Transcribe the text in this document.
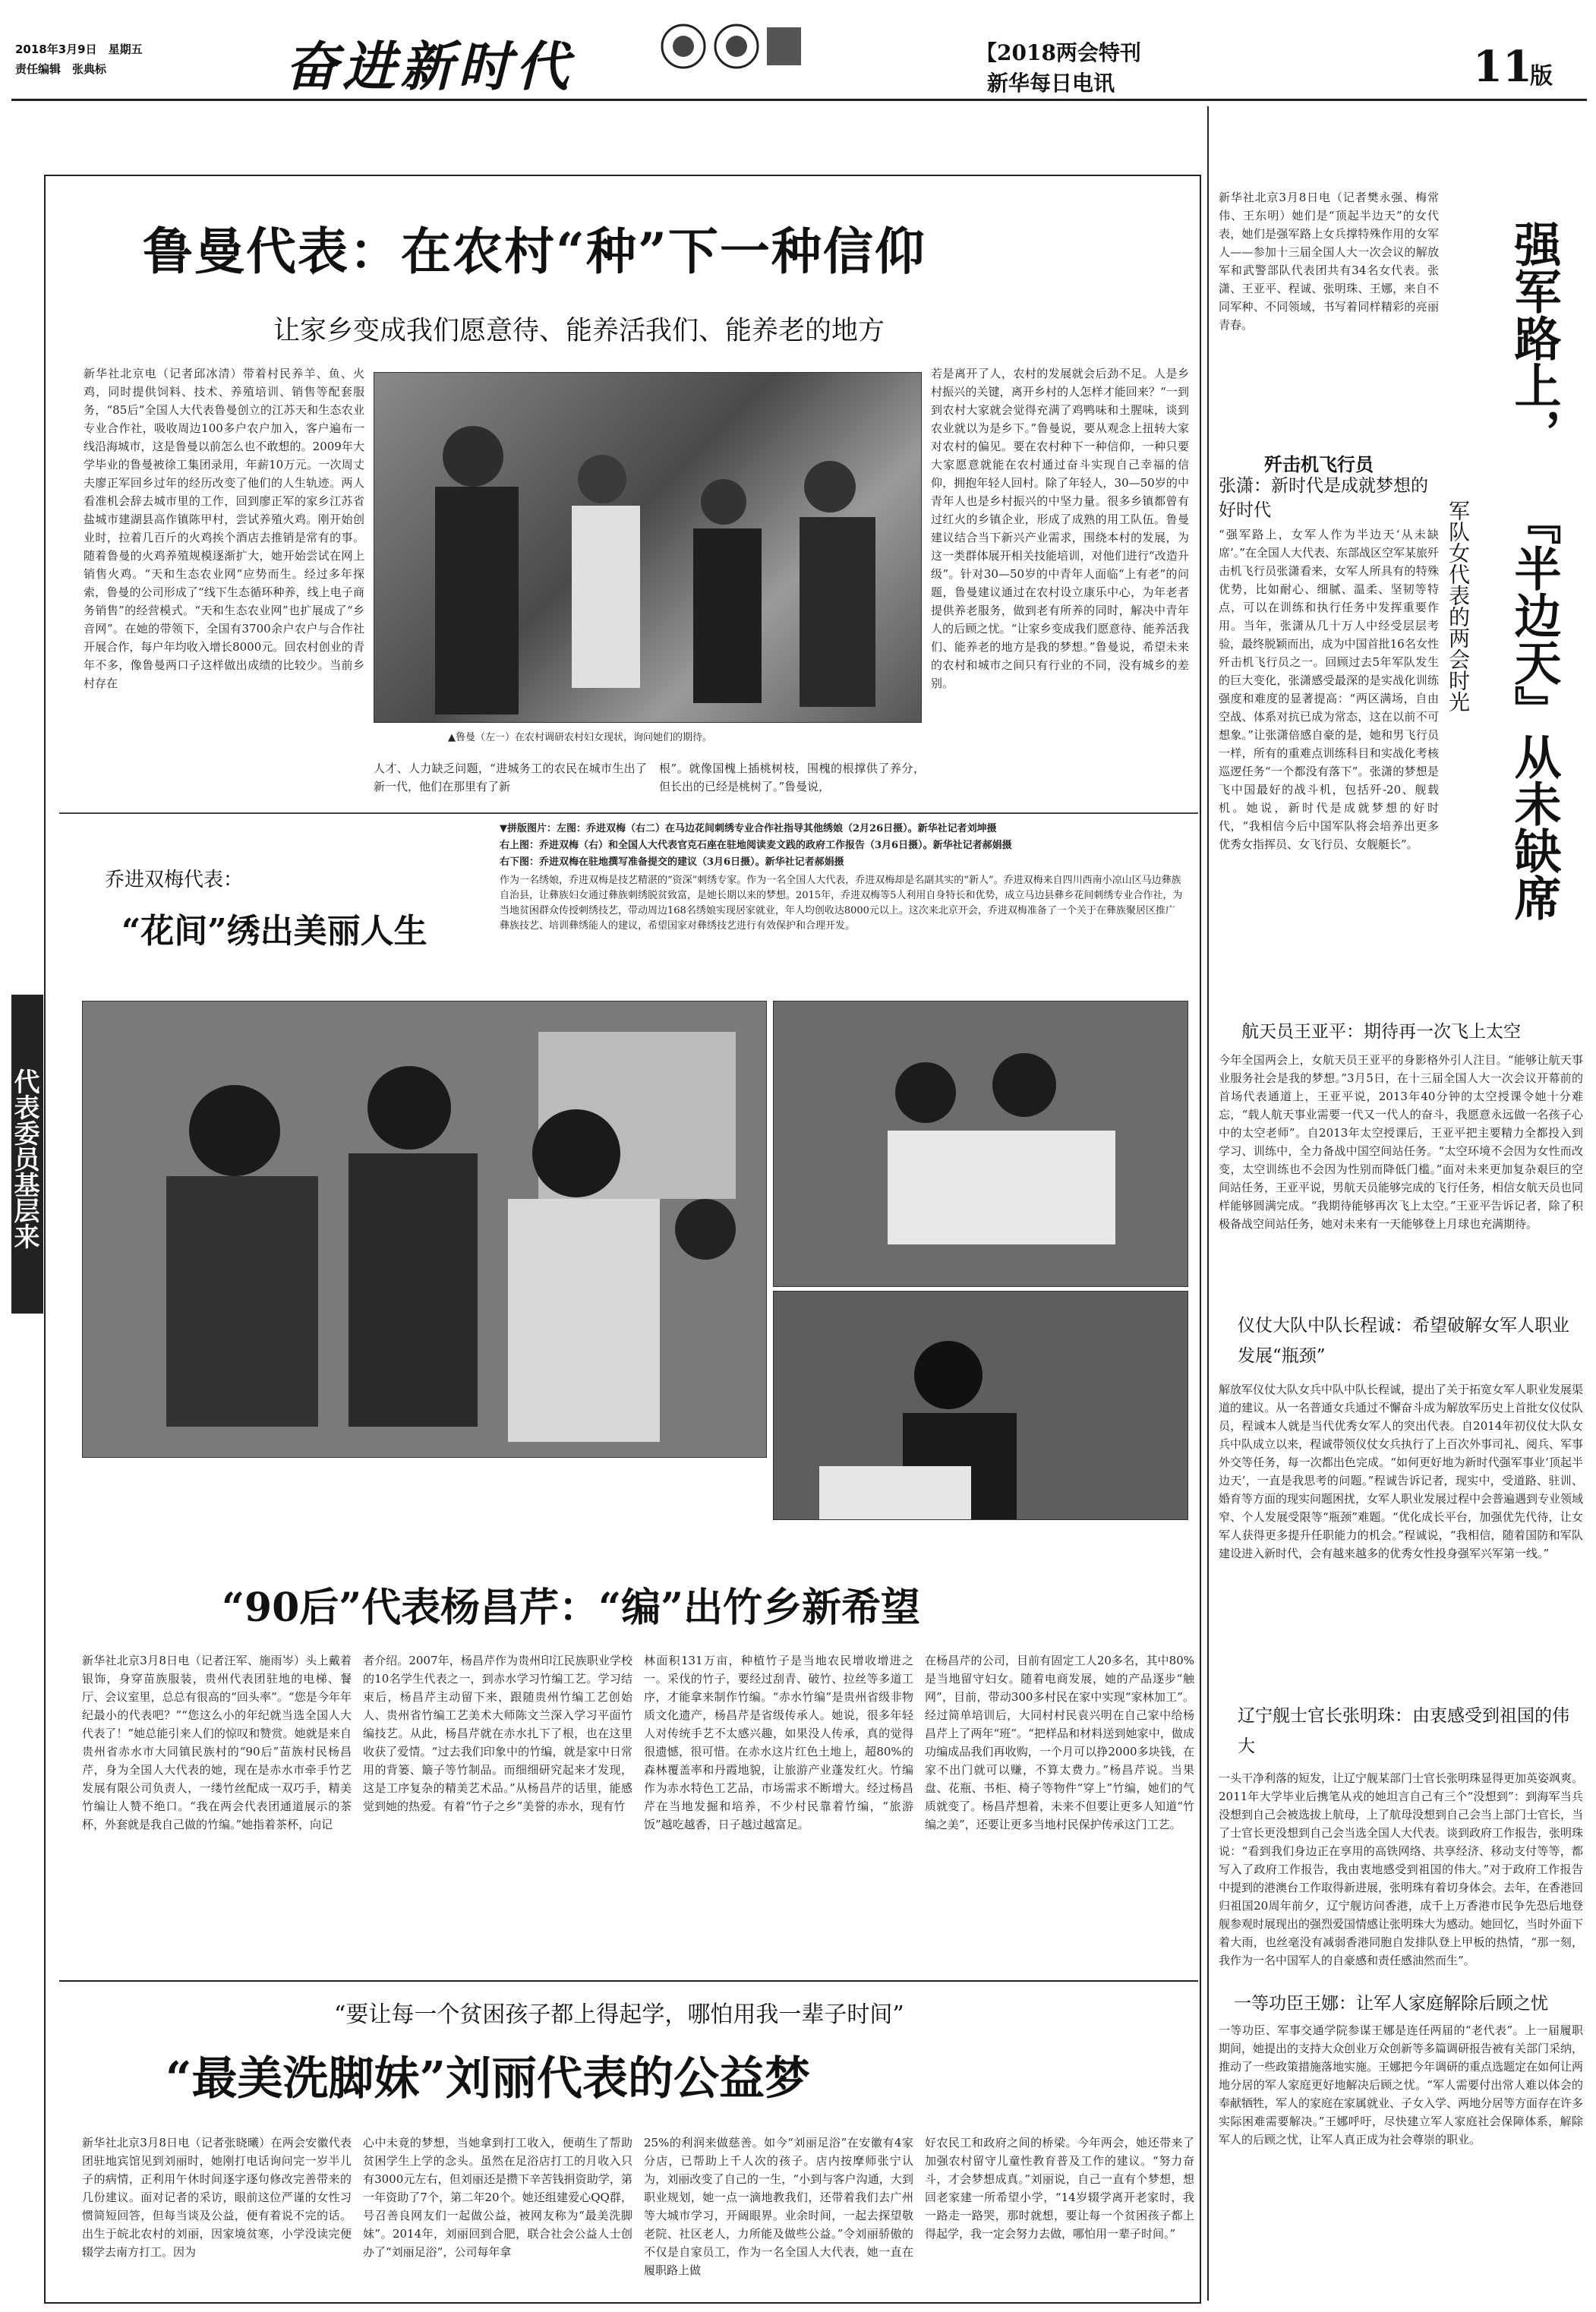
2018年3月9日　星期五
责任编辑　张典标	奋进新时代	【2018两会特刊
新华每日电讯	11
版
代表委员基层来
鲁曼代表：在农村“种”下一种信仰
让家乡变成我们愿意待、能养活我们、能养老的地方
新华社北京电（记者邱冰清）带着村民养羊、鱼、火鸡，同时提供饲料、技术、养殖培训、销售等配套服务，“85后”全国人大代表鲁曼创立的江苏天和生态农业专业合作社，吸收周边100多户农户加入，客户遍布一线沿海城市，这是鲁曼以前怎么也不敢想的。2009年大学毕业的鲁曼被徐工集团录用，年薪10万元。一次周丈夫廖正军回乡过年的经历改变了他们的人生轨迹。两人看准机会辞去城市里的工作，回到廖正军的家乡江苏省盐城市建湖县高作镇陈甲村，尝试养殖火鸡。刚开始创业时，拉着几百斤的火鸡挨个酒店去推销是常有的事。随着鲁曼的火鸡养殖规模逐渐扩大，她开始尝试在网上销售火鸡。“天和生态农业网”应势而生。经过多年探索，鲁曼的公司形成了“线下生态循环种养，线上电子商务销售”的经营模式。“天和生态农业网”也扩展成了“乡音网”。在她的带领下，全国有3700余户农户与合作社开展合作，每户年均收入增长8000元。回农村创业的青年不多，像鲁曼两口子这样做出成绩的比较少。当前乡村存在
▲鲁曼（左一）在农村调研农村妇女现状，询问她们的期待。
人才、人力缺乏问题，“进城务工的农民在城市生出了新一代，他们在那里有了新
根”。就像国槐上插桃树枝，围槐的根撑供了养分，但长出的已经是桃树了。”鲁曼说，
若是离开了人，农村的发展就会后劲不足。人是乡村振兴的关键，离开乡村的人怎样才能回来？“一到到农村大家就会觉得充满了鸡鸭味和土腥味，谈到农业就以为是乡下。”鲁曼说，要从观念上扭转大家对农村的偏见。要在农村种下一种信仰，一种只要大家愿意就能在农村通过奋斗实现自己幸福的信仰，拥抱年轻人回村。除了年轻人，30—50岁的中青年人也是乡村振兴的中坚力量。很多乡镇都曾有过红火的乡镇企业，形成了成熟的用工队伍。鲁曼建议结合当下新兴产业需求，围绕本村的发展，为这一类群体展开相关技能培训，对他们进行“改造升级”。针对30—50岁的中青年人面临“上有老”的问题，鲁曼建议通过在农村设立康乐中心，为年老者提供养老服务，做到老有所养的同时，解决中青年人的后顾之忧。“让家乡变成我们愿意待、能养活我们、能养老的地方是我的梦想。”鲁曼说，希望未来的农村和城市之间只有行业的不同，没有城乡的差别。
乔进双梅代表：
“花间”绣出美丽人生
▼拼版图片：左图：乔进双梅（右二）在马边花间刺绣专业合作社指导其他绣娘（2月26日摄）。新华社记者刘坤摄
右上图：乔进双梅（右）和全国人大代表官克石座在驻地阅读麦文践的政府工作报告（3月6日摄）。新华社记者郝娟摄
右下图：乔进双梅在驻地撰写准备提交的建议（3月6日摄）。新华社记者郝娟摄
作为一名绣娘，乔进双梅是技艺精湛的“资深”刺绣专家。作为一名全国人大代表，乔进双梅却是名副其实的“新人”。乔进双梅来自四川西南小凉山区马边彝族自治县，让彝族妇女通过彝族刺绣脱贫致富，是她长期以来的梦想。2015年，乔进双梅等5人利用自身特长和优势，成立马边县彝乡花间刺绣专业合作社，为当地贫困群众传授刺绣技艺，带动周边168名绣娘实现居家就业，年人均创收达8000元以上。这次来北京开会，乔进双梅准备了一个关于在彝族聚居区推广彝族技艺、培训彝绣能人的建议，希望国家对彝绣技艺进行有效保护和合理开发。
“90后”代表杨昌芹：“编”出竹乡新希望
新华社北京3月8日电（记者汪军、施雨岑）头上戴着银饰，身穿苗族服装，贵州代表团驻地的电梯、餐厅、会议室里，总总有很高的“回头率”。“您是今年年纪最小的代表吧？”“您这么小的年纪就当选全国人大代表了！”她总能引来人们的惊叹和赞赏。她就是来自贵州省赤水市大同镇民族村的“90后”苗族村民杨昌芹，身为全国人大代表的她，现在是赤水市牵手竹艺发展有限公司负责人，一缕竹丝配成一双巧手，精美竹编让人赞不绝口。“我在两会代表团通道展示的茶杯，外套就是我自己做的竹编。”她指着茶杯，向记
者介绍。2007年，杨昌芹作为贵州印江民族职业学校的10名学生代表之一，到赤水学习竹编工艺。学习结束后，杨昌芹主动留下来，跟随贵州竹编工艺创始人、贵州省竹编工艺美术大师陈文兰深入学习平面竹编技艺。从此，杨昌芹就在赤水扎下了根，也在这里收获了爱情。“过去我们印象中的竹编，就是家中日常用的背篓、簸子等竹制品。而细细研究起来才发现，这是工序复杂的精美艺术品。”从杨昌芹的话里，能感觉到她的热爱。有着“竹子之乡”美誉的赤水，现有竹
林面积131万亩，种植竹子是当地农民增收增进之一。采伐的竹子，要经过刮青、破竹、拉丝等多道工序，才能拿来制作竹编。“赤水竹编”是贵州省级非物质文化遗产，杨昌芹是省级传承人。她说，很多年轻人对传统手艺不太感兴趣，如果没人传承，真的觉得很遗憾，很可惜。在赤水这片红色土地上，超80%的森林覆盖率和丹霞地貌，让旅游产业蓬发红火。竹编作为赤水特色工艺品，市场需求不断增大。经过杨昌芹在当地发掘和培养，不少村民靠着竹编，“旅游饭”越吃越香，日子越过越富足。
在杨昌芹的公司，目前有固定工人20多名，其中80%是当地留守妇女。随着电商发展，她的产品逐步“触网”，目前，带动300多村民在家中实现“家林加工”。经过简单培训后，大同村村民袁兴明在自己家中给杨昌芹上了两年“班”。“把样品和材料送到她家中，做成功编成品我们再收购，一个月可以挣2000多块钱，在家不出门就可以赚，不算太费力。”杨昌芹说。当果盘、花瓶、书柜、椅子等物件“穿上”竹编，她们的气质就变了。杨昌芹想着，未来不但要让更多人知道“竹编之美”，还要让更多当地村民保护传承这门工艺。
“要让每一个贫困孩子都上得起学，哪怕用我一辈子时间”
“最美洗脚妹”刘丽代表的公益梦
新华社北京3月8日电（记者张晓曦）在两会安徽代表团驻地宾馆见到刘丽时，她刚打电话询问完一岁半儿子的病情，正利用午休时间逐字逐句修改完善带来的几份建议。面对记者的采访，眼前这位严谨的女性习惯简短回答，但每当谈及公益，便有着说不完的话。出生于皖北农村的刘丽，因家境贫寒，小学没读完便辍学去南方打工。因为
心中未竟的梦想，当她拿到打工收入，便萌生了帮助贫困学生上学的念头。虽然在足浴店打工的月收入只有3000元左右，但刘丽还是攒下辛苦钱捐资助学，第一年资助了7个，第二年20个。她还组建爱心QQ群，号召善良网友们一起做公益，被网友称为“最美洗脚妹”。2014年，刘丽回到合肥，联合社会公益人士创办了“刘丽足浴”，公司每年拿
25%的利润来做慈善。如今“刘丽足浴”在安徽有4家分店，已帮助上千人次的孩子。店内按摩师张宁认为，刘丽改变了自己的一生，“小到与客户沟通，大到职业规划，她一点一滴地教我们，还带着我们去广州等大城市学习，开阔眼界。业余时间，一起去探望敬老院、社区老人，力所能及做些公益。”令刘丽骄傲的不仅是自家员工，作为一名全国人大代表，她一直在履职路上做
好农民工和政府之间的桥梁。今年两会，她还带来了加强农村留守儿童性教育普及工作的建议。“努力奋斗，才会梦想成真。”刘丽说，自己一直有个梦想，想回老家建一所希望小学，“14岁辍学离开老家时，我一路走一路哭，那时就想，要让每一个贫困孩子都上得起学，我一定会努力去做，哪怕用一辈子时间。”
新华社北京3月8日电（记者樊永强、梅常伟、王东明）她们是“顶起半边天”的女代表，她们是强军路上女兵撑特殊作用的女军人——参加十三届全国人大一次会议的解放军和武警部队代表团共有34名女代表。张潇、王亚平、程诚、张明珠、王娜，来自不同军种、不同领域，书写着同样精彩的亮丽青春。	强军路上，
『半边天』从未缺席
军队女代表的两会时光
歼击机飞行员
张潇：新时代是成就梦想的好时代
“强军路上，女军人作为半边天‘从未缺席’。”在全国人大代表、东部战区空军某旅歼击机飞行员张潇看来，女军人所具有的特殊优势，比如耐心、细腻、温柔、坚韧等特点，可以在训练和执行任务中发挥重要作用。当年，张潇从几十万人中经受层层考验，最终脱颖而出，成为中国首批16名女性歼击机飞行员之一。回顾过去5年军队发生的巨大变化，张潇感受最深的是实战化训练强度和难度的显著提高：“两区满场，自由空战、体系对抗已成为常态，这在以前不可想象。”让张潇倍感自豪的是，她和男飞行员一样，所有的重难点训练科目和实战化考核巡逻任务“一个都没有落下”。张潇的梦想是飞中国最好的战斗机，包括歼-20、舰载机。她说，新时代是成就梦想的好时代，“我相信今后中国军队将会培养出更多优秀女指挥员、女飞行员、女舰艇长”。
航天员王亚平：期待再一次飞上太空
今年全国两会上，女航天员王亚平的身影格外引人注目。“能够让航天事业服务社会是我的梦想。”3月5日，在十三届全国人大一次会议开幕前的首场代表通道上，王亚平说，2013年40分钟的太空授课令她十分难忘，“载人航天事业需要一代又一代人的奋斗，我愿意永远做一名孩子心中的太空老师”。自2013年太空授课后，王亚平把主要精力全都投入到学习、训练中，全力备战中国空间站任务。“太空环境不会因为女性而改变，太空训练也不会因为性别而降低门槛。”面对未来更加复杂艰巨的空间站任务，王亚平说，男航天员能够完成的飞行任务，相信女航天员也同样能够圆满完成。“我期待能够再次飞上太空。”王亚平告诉记者，除了积极备战空间站任务，她对未来有一天能够登上月球也充满期待。
仪仗大队中队长程诚：希望破解女军人职业发展“瓶颈”
解放军仪仗大队女兵中队中队长程诚，提出了关于拓宽女军人职业发展渠道的建议。从一名普通女兵通过不懈奋斗成为解放军历史上首批女仪仗队员，程诚本人就是当代优秀女军人的突出代表。自2014年初仪仗大队女兵中队成立以来，程诚带领仪仗女兵执行了上百次外事司礼、阅兵、军事外交等任务，每一次都出色完成。“如何更好地为新时代强军事业‘顶起半边天’，一直是我思考的问题。”程诚告诉记者，现实中，受道路、驻训、婚育等方面的现实问题困扰，女军人职业发展过程中会普遍遇到专业领域窄、个人发展受限等“瓶颈”难题。“优化成长平台，加强优先代待，让女军人获得更多提升任职能力的机会。”程诚说，“我相信，随着国防和军队建设进入新时代，会有越来越多的优秀女性投身强军兴军第一线。”
辽宁舰士官长张明珠：由衷感受到祖国的伟大
一头干净利落的短发，让辽宁舰某部门士官长张明珠显得更加英姿飒爽。2011年大学毕业后携笔从戎的她坦言自己有三个“没想到”：到海军当兵没想到自己会被选拔上航母，上了航母没想到自己会当上部门士官长，当了士官长更没想到自己会当选全国人大代表。谈到政府工作报告，张明珠说：“看到我们身边正在享用的高铁网络、共享经济、移动支付等等，都写入了政府工作报告，我由衷地感受到祖国的伟大。”对于政府工作报告中提到的港澳台工作取得新进展，张明珠有着切身体会。去年，在香港回归祖国20周年前夕，辽宁舰访问香港，成千上万香港市民争先恐后地登舰参观时展现出的强烈爱国情感让张明珠大为感动。她回忆，当时外面下着大雨，也丝毫没有减弱香港同胞自发排队登上甲板的热情，“那一刻，我作为一名中国军人的自豪感和责任感油然而生”。
一等功臣王娜：让军人家庭解除后顾之忧
一等功臣、军事交通学院参谋王娜是连任两届的“老代表”。上一届履职期间，她提出的支持大众创业万众创新等多篇调研报告被有关部门采纳，推动了一些政策措施落地实施。王娜把今年调研的重点选题定在如何让两地分居的军人家庭更好地解决后顾之忧。“军人需要付出常人难以体会的奉献牺牲，军人的家庭在家属就业、子女入学、两地分居等方面存在许多实际困难需要解决。”王娜呼吁，尽快建立军人家庭社会保障体系，解除军人的后顾之忧，让军人真正成为社会尊崇的职业。
